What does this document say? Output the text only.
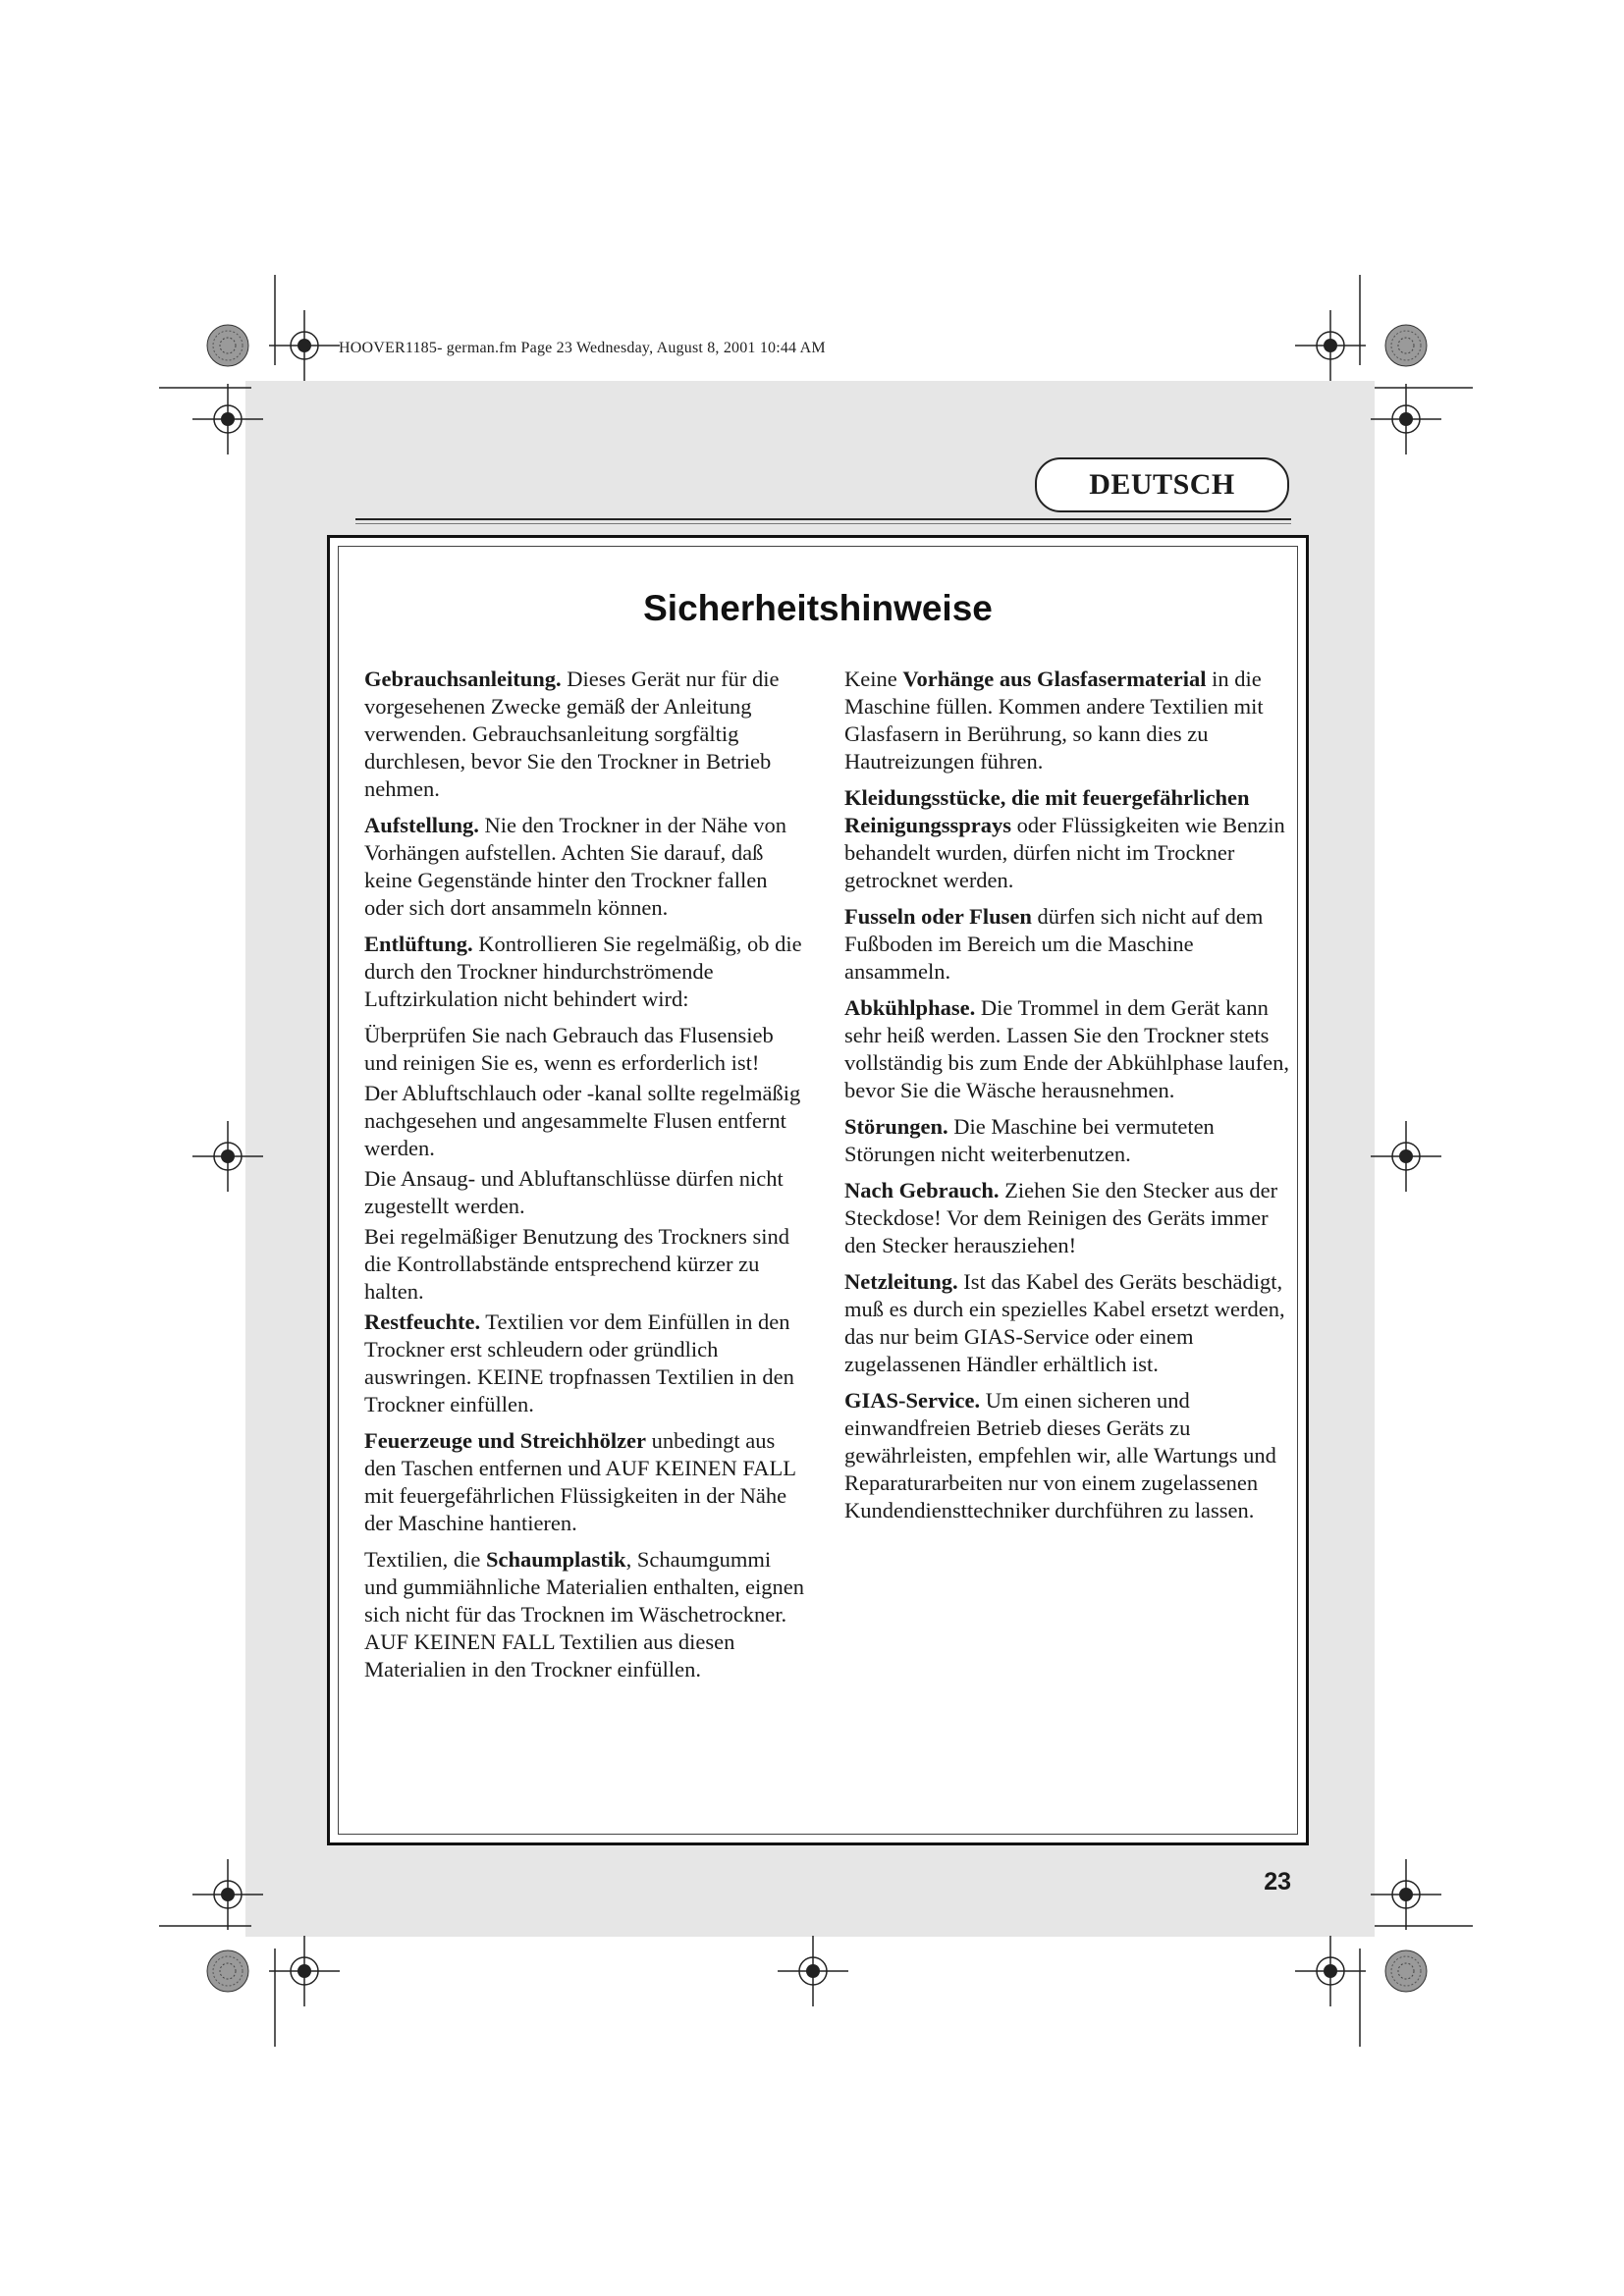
HOOVER1185- german.fm Page 23 Wednesday, August 8, 2001 10:44 AM
DEUTSCH
Sicherheitshinweise

Gebrauchsanleitung. Dieses Gerät nur für die vorgesehenen Zwecke gemäß der Anleitung verwenden. Gebrauchsanleitung sorgfältig durchlesen, bevor Sie den Trockner in Betrieb nehmen.

Aufstellung. Nie den Trockner in der Nähe von Vorhängen aufstellen. Achten Sie darauf, daß keine Gegenstände hinter den Trockner fallen oder sich dort ansammeln können.

Entlüftung. Kontrollieren Sie regelmäßig, ob die durch den Trockner hindurchströmende Luftzirkulation nicht behindert wird:

Überprüfen Sie nach Gebrauch das Flusensieb und reinigen Sie es, wenn es erforderlich ist!

Der Abluftschlauch oder -kanal sollte regelmäßig nachgesehen und angesammelte Flusen entfernt werden.

Die Ansaug- und Abluftanschlüsse dürfen nicht zugestellt werden.

Bei regelmäßiger Benutzung des Trockners sind die Kontrollabstände entsprechend kürzer zu halten.

Restfeuchte. Textilien vor dem Einfüllen in den Trockner erst schleudern oder gründlich auswringen. KEINE tropfnassen Textilien in den Trockner einfüllen.

Feuerzeuge und Streichhölzer unbedingt aus den Taschen entfernen und AUF KEINEN FALL mit feuergefährlichen Flüssigkeiten in der Nähe der Maschine hantieren.

Textilien, die Schaumplastik, Schaumgummi und gummiähnliche Materialien enthalten, eignen sich nicht für das Trocknen im Wäschetrockner. AUF KEINEN FALL Textilien aus diesen Materialien in den Trockner einfüllen.

Keine Vorhänge aus Glasfasermaterial in die Maschine füllen. Kommen andere Textilien mit Glasfasern in Berührung, so kann dies zu Hautreizungen führen.

Kleidungsstücke, die mit feuergefährlichen Reinigungssprays oder Flüssigkeiten wie Benzin behandelt wurden, dürfen nicht im Trockner getrocknet werden.

Fusseln oder Flusen dürfen sich nicht auf dem Fußboden im Bereich um die Maschine ansammeln.

Abkühlphase. Die Trommel in dem Gerät kann sehr heiß werden. Lassen Sie den Trockner stets vollständig bis zum Ende der Abkühlphase laufen, bevor Sie die Wäsche herausnehmen.

Störungen. Die Maschine bei vermuteten Störungen nicht weiterbenutzen.

Nach Gebrauch. Ziehen Sie den Stecker aus der Steckdose! Vor dem Reinigen des Geräts immer den Stecker herausziehen!

Netzleitung. Ist das Kabel des Geräts beschädigt, muß es durch ein spezielles Kabel ersetzt werden, das nur beim GIAS-Service oder einem zugelassenen Händler erhältlich ist.

GIAS-Service. Um einen sicheren und einwandfreien Betrieb dieses Geräts zu gewährleisten, empfehlen wir, alle Wartungs und Reparaturarbeiten nur von einem zugelassenen Kundendiensttechniker durchführen zu lassen.

23
